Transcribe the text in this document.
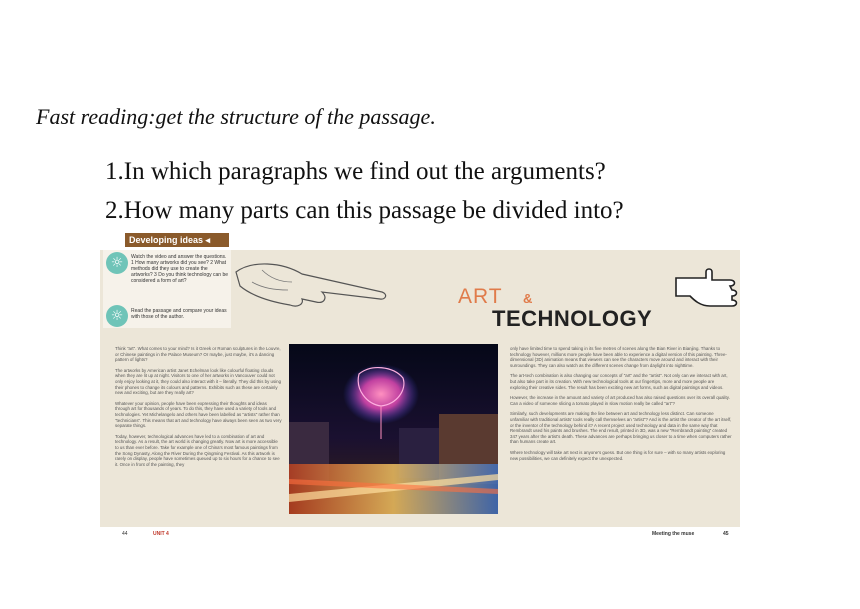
Fast reading:get the structure of the passage.
1.In which paragraphs we find out the arguments?
2.How many parts can this passage be divided into?
Developing ideas ◂
☼
☼
Watch the video and answer the questions. 1 How many artworks did you see? 2 What methods did they use to create the artworks? 3 Do you think technology can be considered a form of art?
Read the passage and compare your ideas with those of the author.
ART &
TECHNOLOGY
Think "art". What comes to your mind? Is it Greek or Roman sculptures in the Louvre, or Chinese paintings in the Palace Museum? Or maybe, just maybe, it's a dancing pattern of lights?
The artworks by American artist Janet Echelman look like colourful floating clouds when they are lit up at night. Visitors to one of her artworks in Vancouver could not only enjoy looking at it, they could also interact with it – literally. They did this by using their phones to change its colours and patterns. Exhibits such as these are certainly new and exciting, but are they really art?
Whatever your opinion, people have been expressing their thoughts and ideas through art for thousands of years. To do this, they have used a variety of tools and technologies. Yet Michelangelo and others have been labelled as "artists" rather than "technicians". This means that art and technology have always been seen as two very separate things.
Today, however, technological advances have led to a combination of art and technology. As a result, the art world is changing greatly. Now art is more accessible to us than ever before. Take for example one of China's most famous paintings from the Song Dynasty, Along the River During the Qingming Festival. As this artwork is rarely on display, people have sometimes queued up to six hours for a chance to see it. Once in front of the painting, they
only have limited time to spend taking in its five metres of scenes along the Bian River in Bianjing. Thanks to technology however, millions more people have been able to experience a digital version of this painting. Three-dimensional (3D) animation means that viewers can see the characters move around and interact with their surroundings. They can also watch as the different scenes change from daylight into nighttime.
The art-tech combination is also changing our concepts of "art" and the "artist". Not only can we interact with art, but also take part in its creation. With new technological tools at our fingertips, more and more people are exploring their creative sides. The result has been exciting new art forms, such as digital paintings and videos.
However, the increase in the amount and variety of art produced has also raised questions over its overall quality. Can a video of someone slicing a tomato played in slow motion really be called "art"?
Similarly, such developments are making the line between art and technology less distinct. Can someone unfamiliar with traditional artists' tools really call themselves an "artist"? And is the artist the creator of the art itself, or the inventor of the technology behind it? A recent project used technology and data in the same way that Rembrandt used his paints and brushes. The end result, printed in 3D, was a new "Rembrandt painting" created 347 years after the artist's death. These advances are perhaps bringing us closer to a time when computers rather than humans create art.
Where technology will take art next is anyone's guess. But one thing is for sure – with so many artists exploring new possibilities, we can definitely expect the unexpected.
44	UNIT 4	Meeting the muse	45
